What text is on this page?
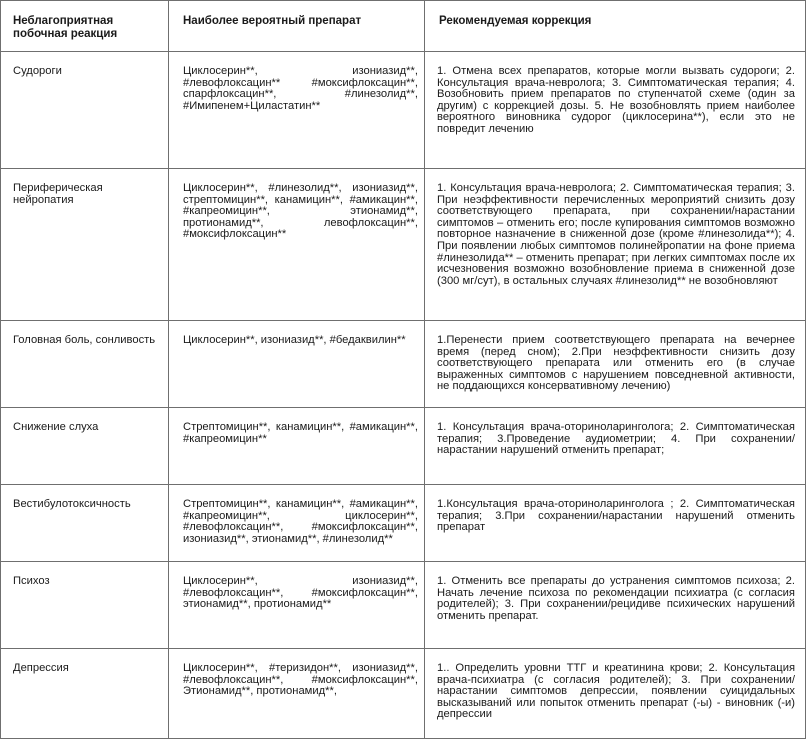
Неблагоприятная побочная реакция	Наиболее вероятный препарат	Рекомендуемая коррекция
Судороги	Циклосерин**, изониазид**, #левофлоксацин** #моксифлоксацин**, спарфлоксацин**, #линезолид**, #Имипенем+Циластатин**	1. Отмена всех препаратов, которые могли вызвать судороги; 2. Консультация врача-невролога; 3. Симптоматическая терапия; 4. Возобновить прием препаратов по ступенчатой схеме (один за другим) с коррекцией дозы. 5. Не возобновлять прием наиболее вероятного виновника судорог (циклосерина**), если это не повредит лечению
Периферическая нейропатия	Циклосерин**, #линезолид**, изониазид**, стрептомицин**, канамицин**, #амикацин**, #капреомицин**, этионамид**, протионамид**, левофлоксацин**, #моксифлоксацин**	1. Консультация врача-невролога; 2. Симптоматическая терапия; 3. При неэффективности перечисленных мероприятий снизить дозу соответствующего препарата, при сохранении/нарастании симптомов – отменить его; после купирования симптомов возможно повторное назначение в сниженной дозе (кроме #линезолида**); 4. При появлении любых симптомов полинейропатии на фоне приема #линезолида** – отменить препарат; при легких симптомах после их исчезновения возможно возобновление приема в сниженной дозе (300 мг/сут), в остальных случаях #линезолид** не возобновляют
Головная боль, сонливость	Циклосерин**, изониазид**, #бедаквилин**	1.Перенести прием соответствующего препарата на вечернее время (перед сном); 2.При неэффективности снизить дозу соответствующего препарата или отменить его (в случае выраженных симптомов с нарушением повседневной активности, не поддающихся консервативному лечению)
Снижение слуха	Стрептомицин**, канамицин**, #амикацин**, #капреомицин**	1. Консультация врача-оториноларинголога; 2. Симптоматическая терапия; 3.Проведение аудиометрии; 4. При сохранении/нарастании нарушений отменить препарат;
Вестибулотоксичность	Стрептомицин**, канамицин**, #амикацин**, #капреомицин**, циклосерин**, #левофлоксацин**, #моксифлоксацин**, изониазид**, этионамид**, #линезолид**	1.Консультация врача-оториноларинголога ; 2. Симптоматическая терапия; 3.При сохранении/нарастании нарушений отменить препарат
Психоз	Циклосерин**, изониазид**, #левофлоксацин**, #моксифлоксацин**, этионамид**, протионамид**	1. Отменить все препараты до устранения симптомов психоза; 2. Начать лечение психоза по рекомендации психиатра (с согласия родителей); 3. При сохранении/рецидиве психических нарушений отменить препарат.
Депрессия	Циклосерин**, #теризидон**, изониазид**, #левофлоксацин**, #моксифлоксацин**, Этионамид**, протионамид**,	1.. Определить уровни ТТГ и креатинина крови; 2. Консультация врача-психиатра (с согласия родителей); 3. При сохранении/нарастании симптомов депрессии, появлении суицидальных высказываний или попыток отменить препарат (-ы) - виновник (-и) депрессии
